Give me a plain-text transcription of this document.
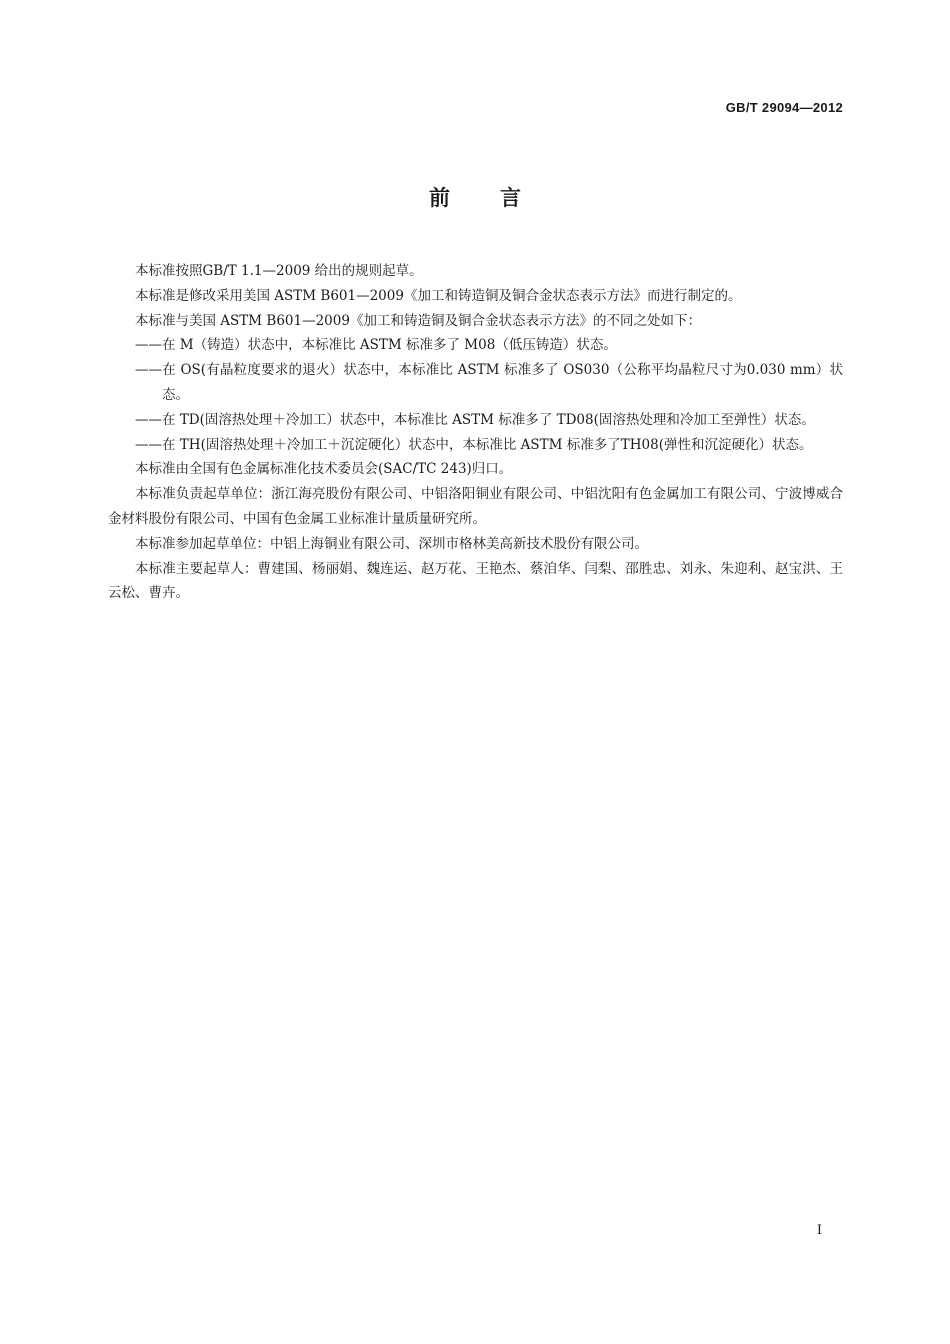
GB/T 29094—2012
前言

本标准按照GB/T 1.1—2009 给出的规则起草。

本标准是修改采用美国 ASTM B601—2009《加工和铸造铜及铜合金状态表示方法》而进行制定的。

本标准与美国 ASTM B601—2009《加工和铸造铜及铜合金状态表示方法》的不同之处如下：

——在 M（铸造）状态中，本标准比 ASTM 标准多了 M08（低压铸造）状态。

——在 OS(有晶粒度要求的退火）状态中，本标准比 ASTM 标准多了 OS030（公称平均晶粒尺寸为0.030 mm）状态。

——在 TD(固溶热处理＋冷加工）状态中，本标准比 ASTM 标准多了 TD08(固溶热处理和冷加工至弹性）状态。

——在 TH(固溶热处理＋冷加工＋沉淀硬化）状态中，本标准比 ASTM 标准多了TH08(弹性和沉淀硬化）状态。

本标准由全国有色金属标准化技术委员会(SAC/TC 243)归口。

本标准负责起草单位：浙江海亮股份有限公司、中铝洛阳铜业有限公司、中铝沈阳有色金属加工有限公司、宁波博威合金材料股份有限公司、中国有色金属工业标准计量质量研究所。

本标准参加起草单位：中铝上海铜业有限公司、深圳市格林美高新技术股份有限公司。

本标准主要起草人：曹建国、杨丽娟、魏连运、赵万花、王艳杰、蔡洎华、闫梨、邵胜忠、刘永、朱迎利、赵宝洪、王云松、曹卉。

I
